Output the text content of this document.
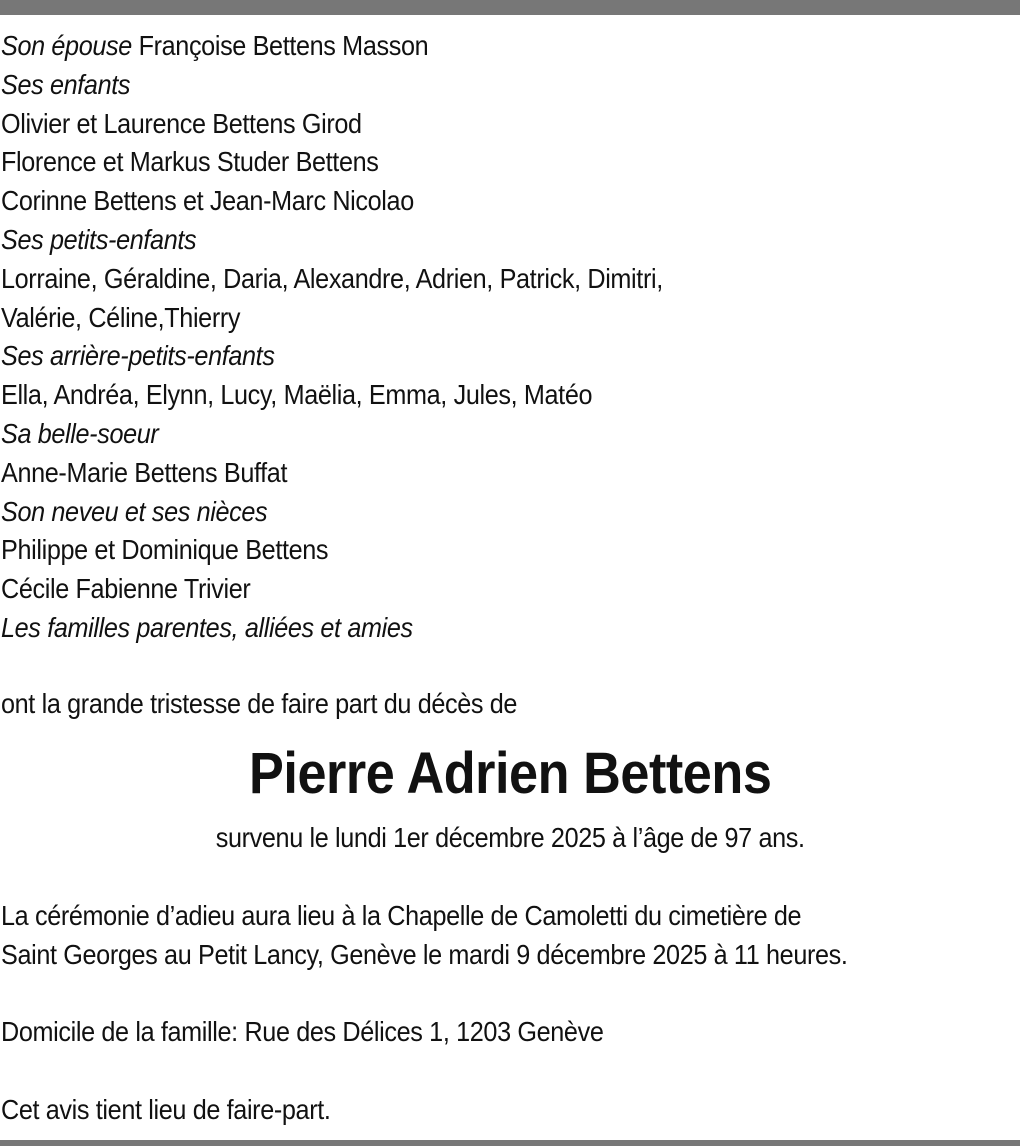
Son épouse Françoise Bettens Masson
Ses enfants
Olivier et Laurence Bettens Girod
Florence et Markus Studer Bettens
Corinne Bettens et Jean-Marc Nicolao
Ses petits-enfants
Lorraine, Géraldine, Daria, Alexandre, Adrien, Patrick, Dimitri,
Valérie, Céline,Thierry
Ses arrière-petits-enfants
Ella, Andréa, Elynn, Lucy, Maëlia, Emma, Jules, Matéo
Sa belle-soeur
Anne-Marie Bettens Buffat
Son neveu et ses nièces
Philippe et Dominique Bettens
Cécile Fabienne Trivier
Les familles parentes, alliées et amies
ont la grande tristesse de faire part du décès de
Pierre Adrien Bettens
survenu le lundi 1er décembre 2025 à l’âge de 97 ans.
La cérémonie d’adieu aura lieu à la Chapelle de Camoletti du cimetière de
Saint Georges au Petit Lancy, Genève le mardi 9 décembre 2025 à 11 heures.
Domicile de la famille: Rue des Délices 1, 1203 Genève
Cet avis tient lieu de faire-part.
